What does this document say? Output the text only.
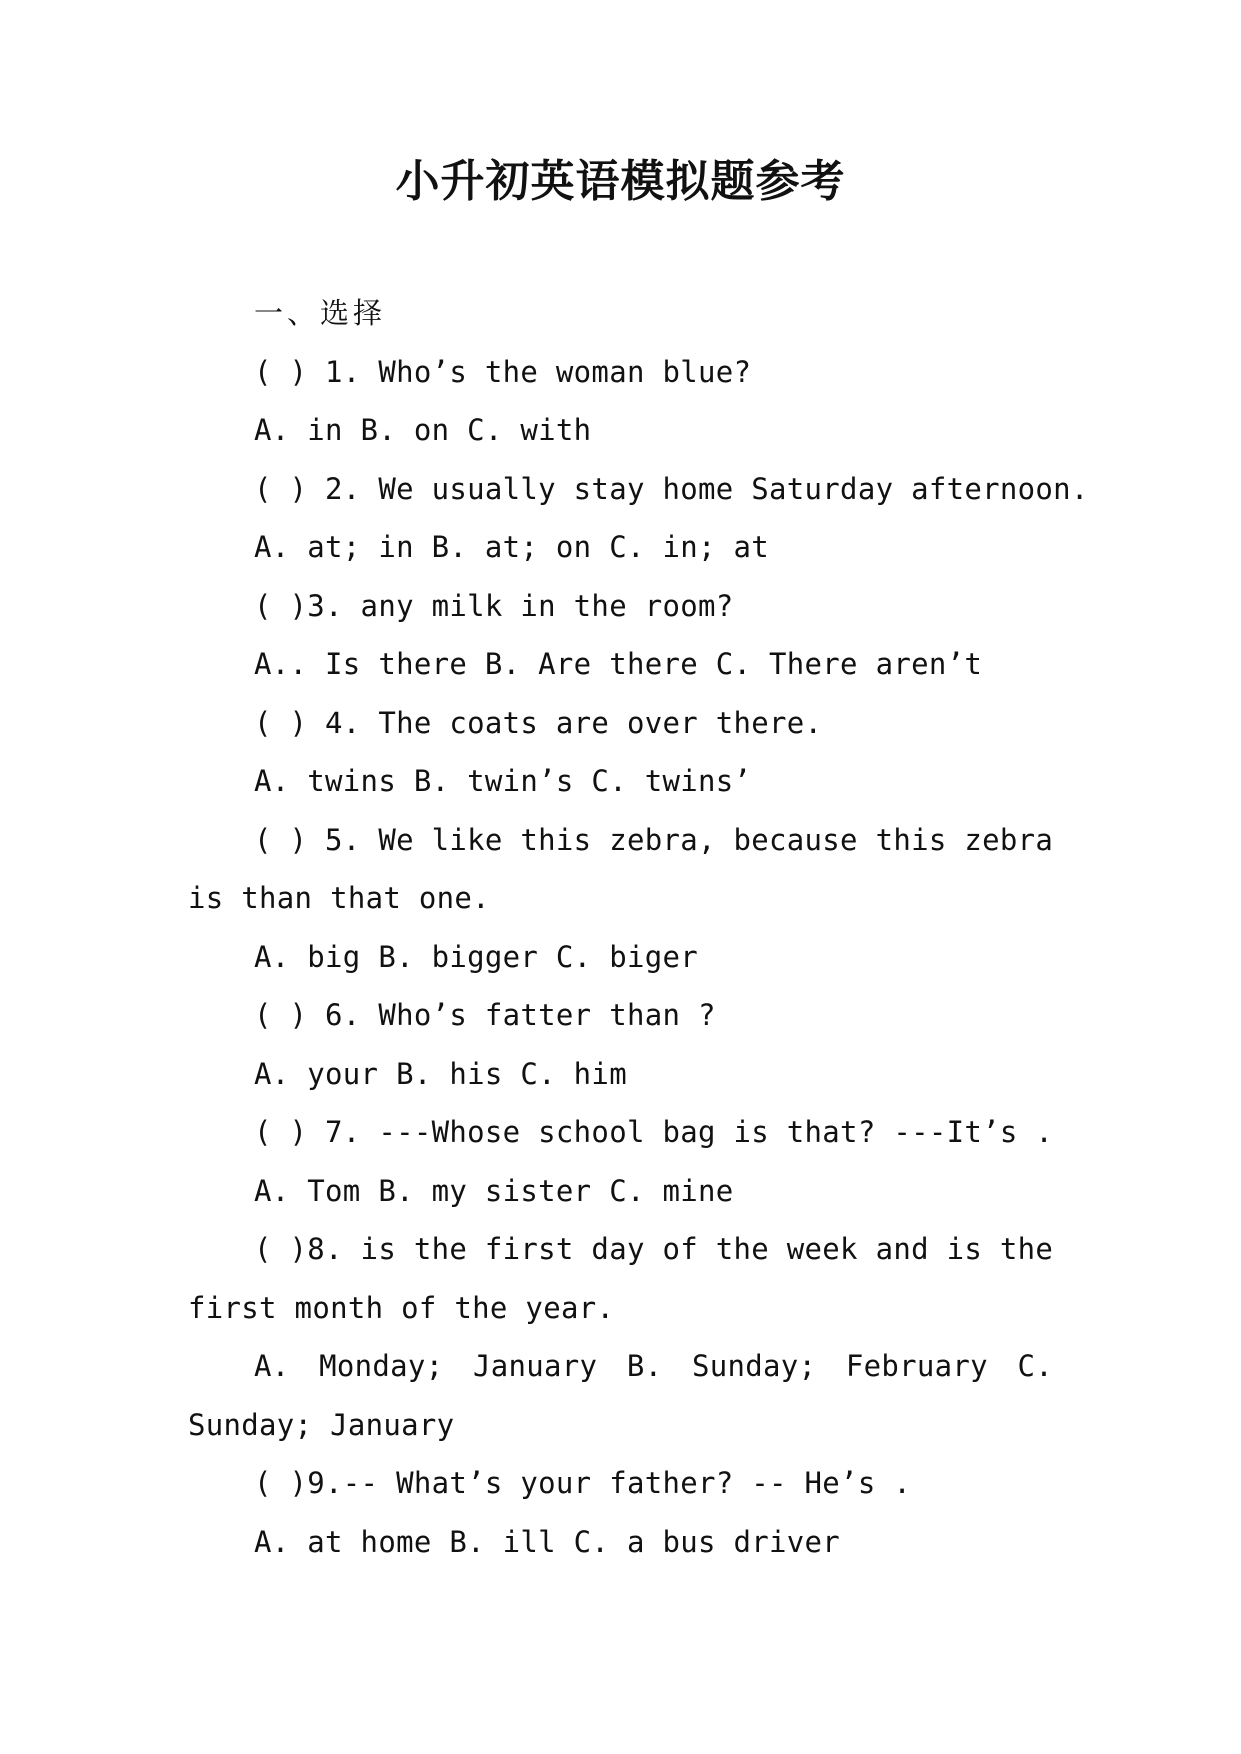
小升初英语模拟题参考
一、选择
( ) 1. Who’s the woman blue?
A. in B. on C. with
( ) 2. We usually stay home Saturday afternoon.
A. at; in B. at; on C. in; at
( )3. any milk in the room?
A.. Is there B. Are there C. There aren’t
( ) 4. The coats are over there.
A. twins B. twin’s C. twins’
( ) 5. We like this zebra, because this zebra
is than that one.
A. big B. bigger C. biger
( ) 6. Who’s fatter than ?
A. your B. his C. him
( ) 7. ---Whose school bag is that? ---It’s .
A. Tom B. my sister C. mine
( )8. is the first day of the week and is the
first month of the year.
A. Monday; January B. Sunday; February C.
Sunday; January
( )9.-- What’s your father? -- He’s .
A. at home B. ill C. a bus driver
